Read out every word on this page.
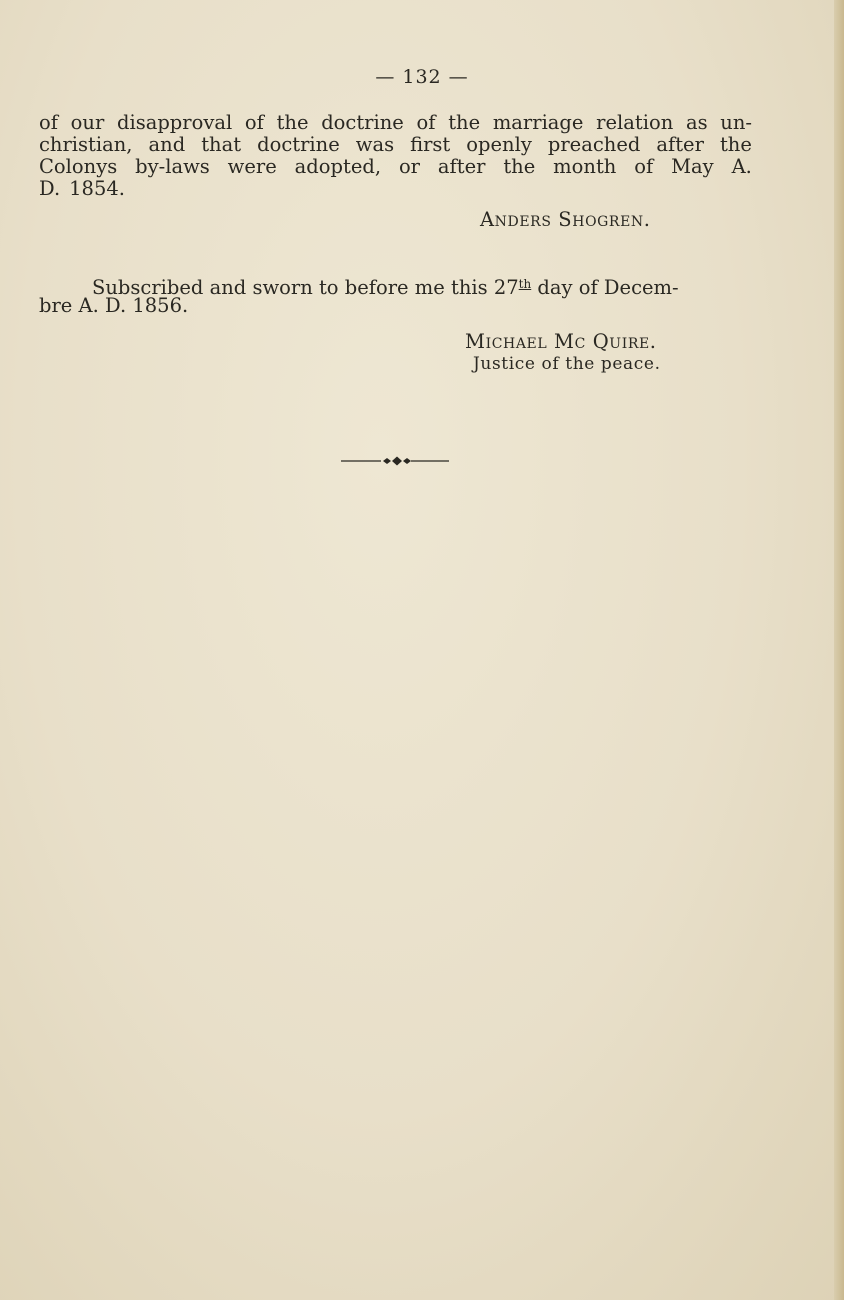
— 132 —
of our disapproval of the doctrine of the marriage relation as un-
christian, and that doctrine was first openly preached after the
Colonys by-laws were adopted, or after the month of May A.
D. 1854.
Anders Shogren.
Subscribed and sworn to before me this 27th day of Decem-
bre A. D. 1856.
Michael Mc Quire.
Justice of the peace.
